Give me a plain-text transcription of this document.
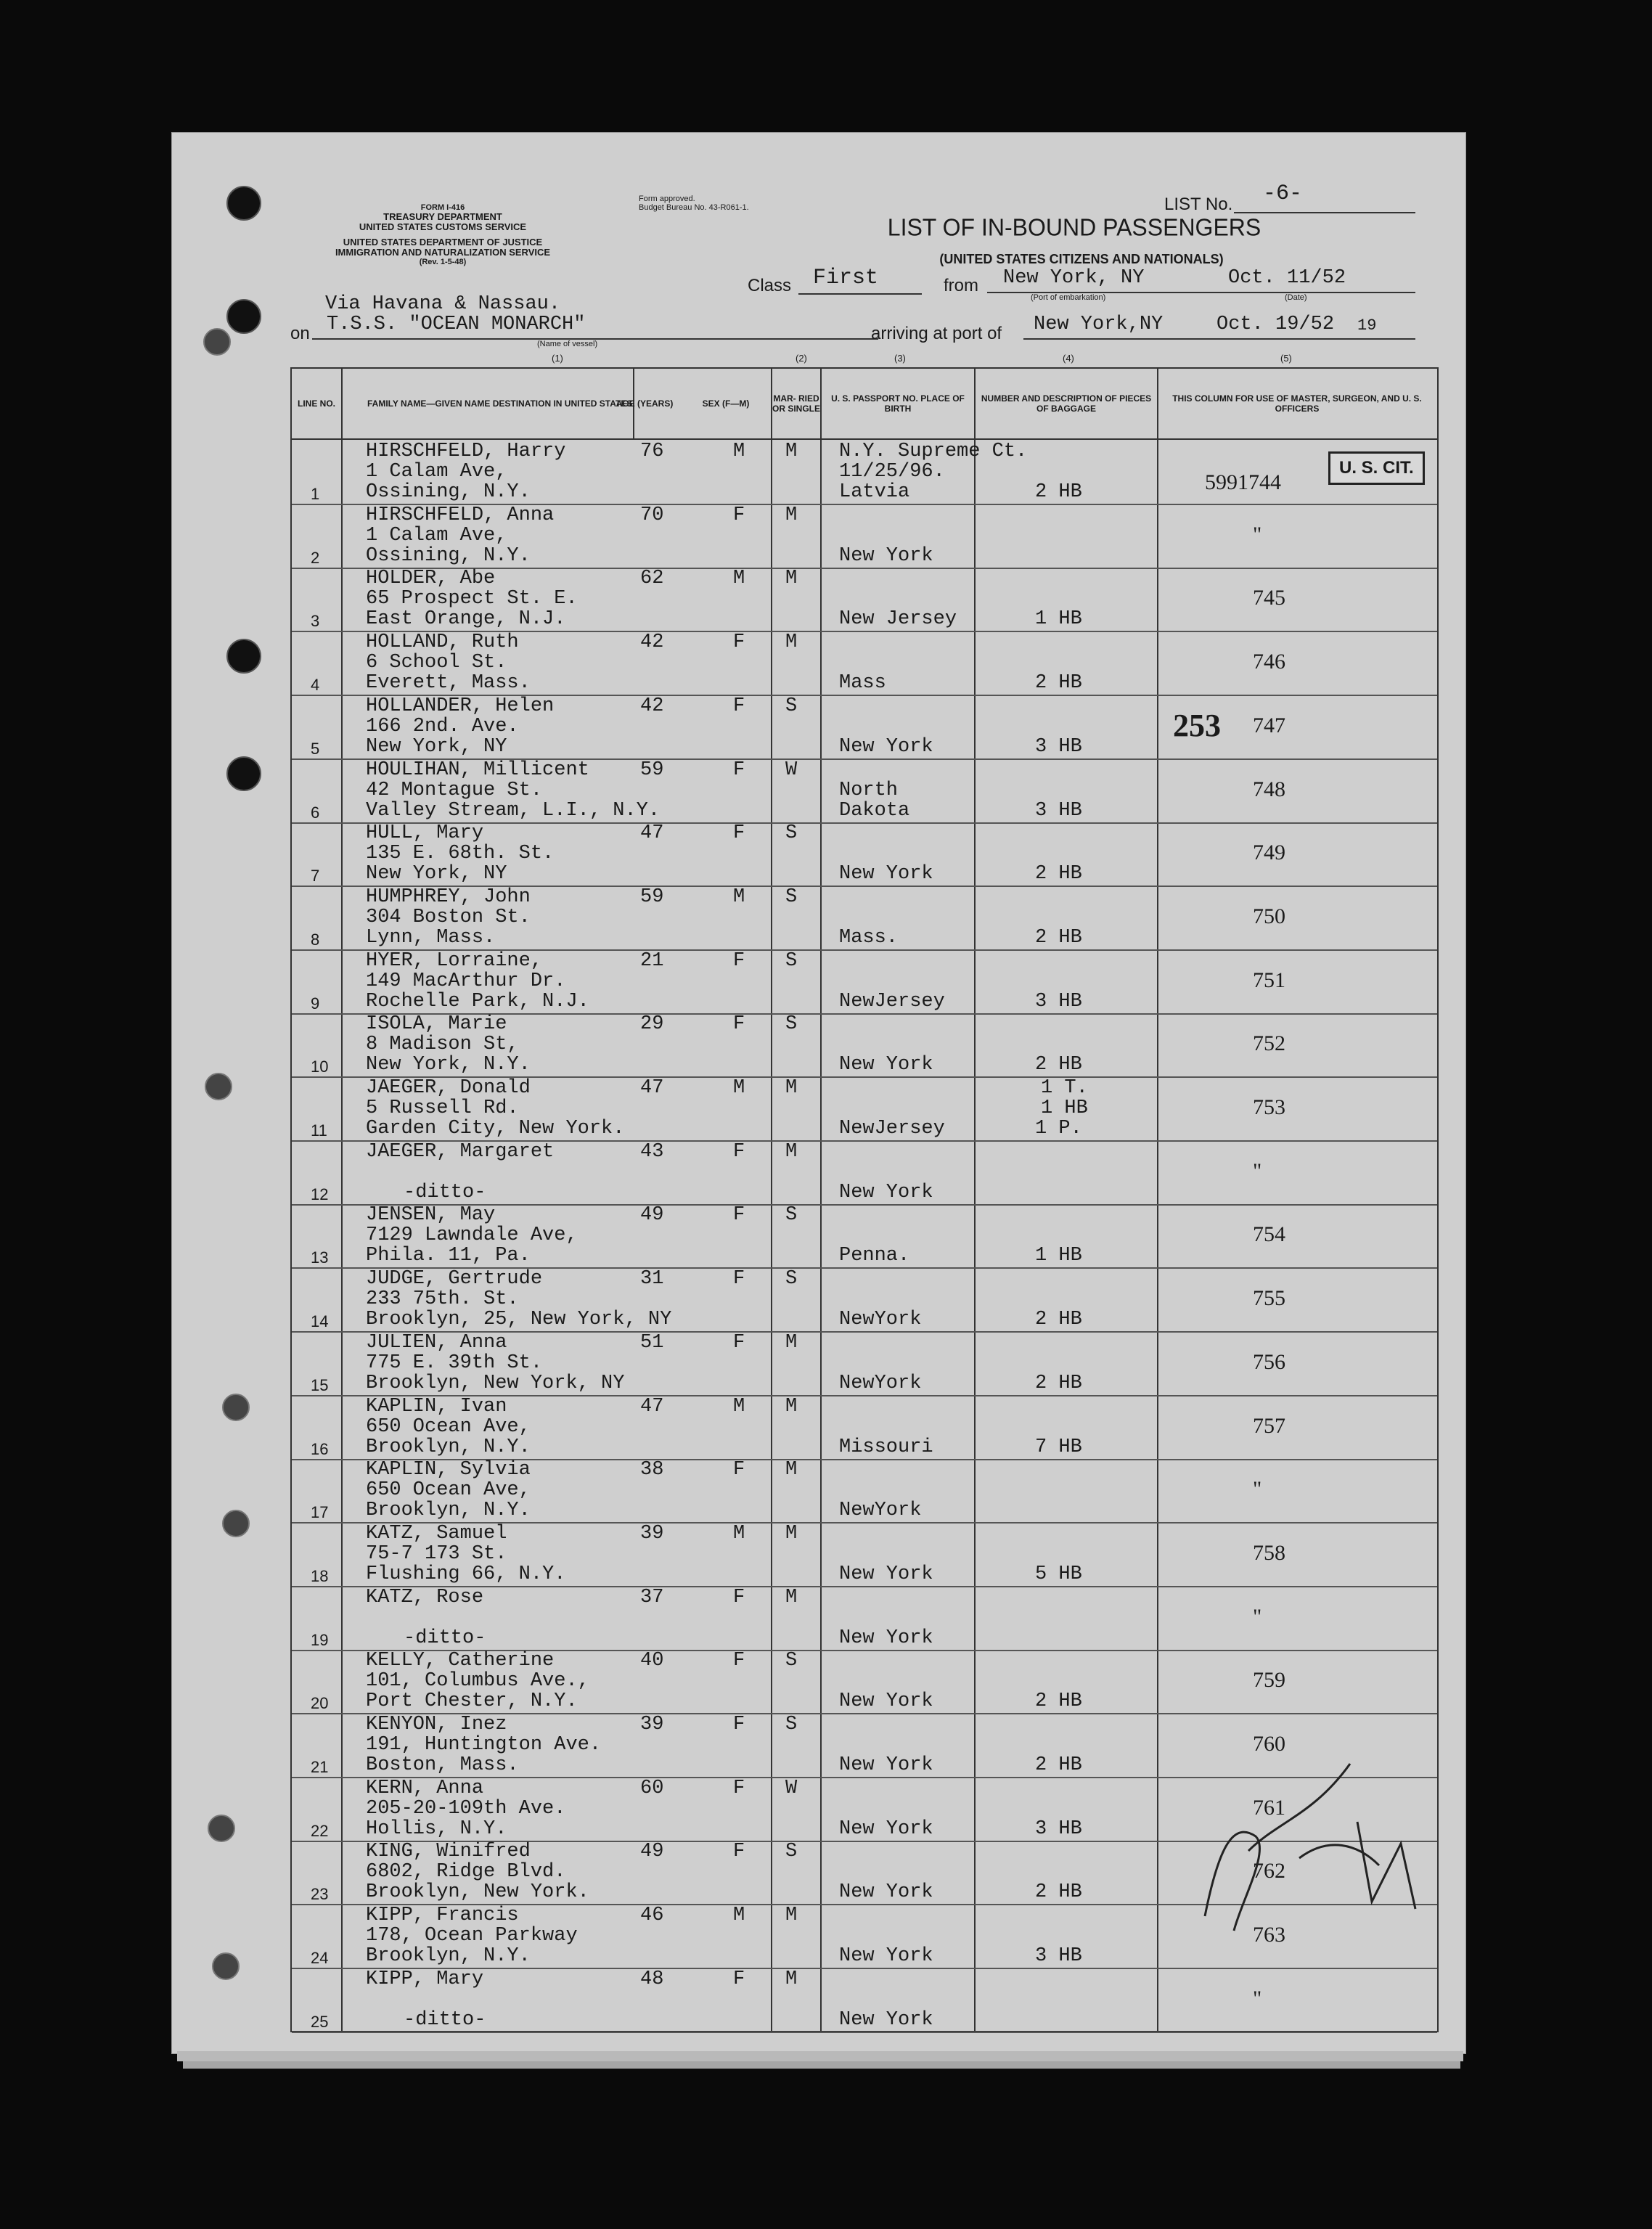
FORM I-416
TREASURY DEPARTMENT
UNITED STATES CUSTOMS SERVICE
UNITED STATES DEPARTMENT OF JUSTICE
IMMIGRATION AND NATURALIZATION SERVICE
(Rev. 1-5-48)
Form approved.
Budget Bureau No. 43-R061-1.	LIST No. -6-
LIST OF IN-BOUND PASSENGERS
(UNITED STATES CITIZENS AND NATIONALS)
Class First	from New York, NY	Oct. 11/52
(Port of embarkation)	(Date)
Via Havana & Nassau.
on T.S.S. "OCEAN MONARCH"
(Name of vessel)
arriving at port of New York,NY	Oct. 19/52 19
(1)	(2)	(3)	(4)	(5)
LINE NO.	FAMILY NAME—GIVEN NAME DESTINATION IN UNITED STATES
AGE (YEARS)	SEX (F—M)
MAR- RIED OR SINGLE
U. S. PASSPORT NO. PLACE OF BIRTH
NUMBER AND DESCRIPTION OF PIECES OF BAGGAGE
THIS COLUMN FOR USE OF MASTER, SURGEON, AND U. S. OFFICERS
1
HIRSCHFELD, Harry
1 Calam Ave,
Ossining, N.Y.
76	M M N.Y. Supreme Ct.
11/25/96.
Latvia	2 HB	5991744
2
HIRSCHFELD, Anna
1 Calam Ave,
Ossining, N.Y.
70	F M
New York
"
3
HOLDER, Abe
65 Prospect St. E.
East Orange, N.J.
62	M M
New Jersey	1 HB
745
4
HOLLAND, Ruth
6 School St.
Everett, Mass.
42	F M
Mass	2 HB
746
5
HOLLANDER, Helen
166 2nd. Ave.
New York, NY
42	F S
New York	3 HB
747
6
HOULIHAN, Millicent
42 Montague St.
Valley Stream, L.I., N.Y.
59	F W
North
Dakota	3 HB
748
7
HULL, Mary
135 E. 68th. St.
New York, NY
47	F S
New York	2 HB
749
8
HUMPHREY, John
304 Boston St.
Lynn, Mass.
59	M S
Mass.	2 HB
750
9
HYER, Lorraine,
149 MacArthur Dr.
Rochelle Park, N.J.
21	F S
NewJersey	3 HB
751
10
ISOLA, Marie
8 Madison St,
New York, N.Y.
29	F S
New York	2 HB
752
11
JAEGER, Donald
5 Russell Rd.
Garden City, New York.
47	M M
NewJersey
1 T.
1 HB
1 P.
753
12
JAEGER, Margaret
-ditto-
43	F M
New York
"
13
JENSEN, May
7129 Lawndale Ave,
Phila. 11, Pa.
49	F S
Penna.	1 HB
754
14
JUDGE, Gertrude
233 75th. St.
Brooklyn, 25, New York, NY
31	F S
NewYork	2 HB
755
15
JULIEN, Anna
775 E. 39th St.
Brooklyn, New York, NY
51	F M
NewYork	2 HB
756
16
KAPLIN, Ivan
650 Ocean Ave,
Brooklyn, N.Y.
47	M M
Missouri	7 HB
757
17
KAPLIN, Sylvia
650 Ocean Ave,
Brooklyn, N.Y.
38	F M
NewYork
"
18
KATZ, Samuel
75-7 173 St.
Flushing 66, N.Y.
39	M M
New York	5 HB
758
19
KATZ, Rose
-ditto-
37	F M
New York
"
20
KELLY, Catherine
101, Columbus Ave.,
Port Chester, N.Y.
40	F S
New York	2 HB
759
21
KENYON, Inez
191, Huntington Ave.
Boston, Mass.
39	F S
New York	2 HB
760
22
KERN, Anna
205-20-109th Ave.
Hollis, N.Y.
60	F W
New York	3 HB
761
23
KING, Winifred
6802, Ridge Blvd.
Brooklyn, New York.
49	F S
New York	2 HB
762
24
KIPP, Francis
178, Ocean Parkway
Brooklyn, N.Y.
46	M M
New York	3 HB
763
25
KIPP, Mary
-ditto-
48	F M
New York
"
U. S. CIT.
253
